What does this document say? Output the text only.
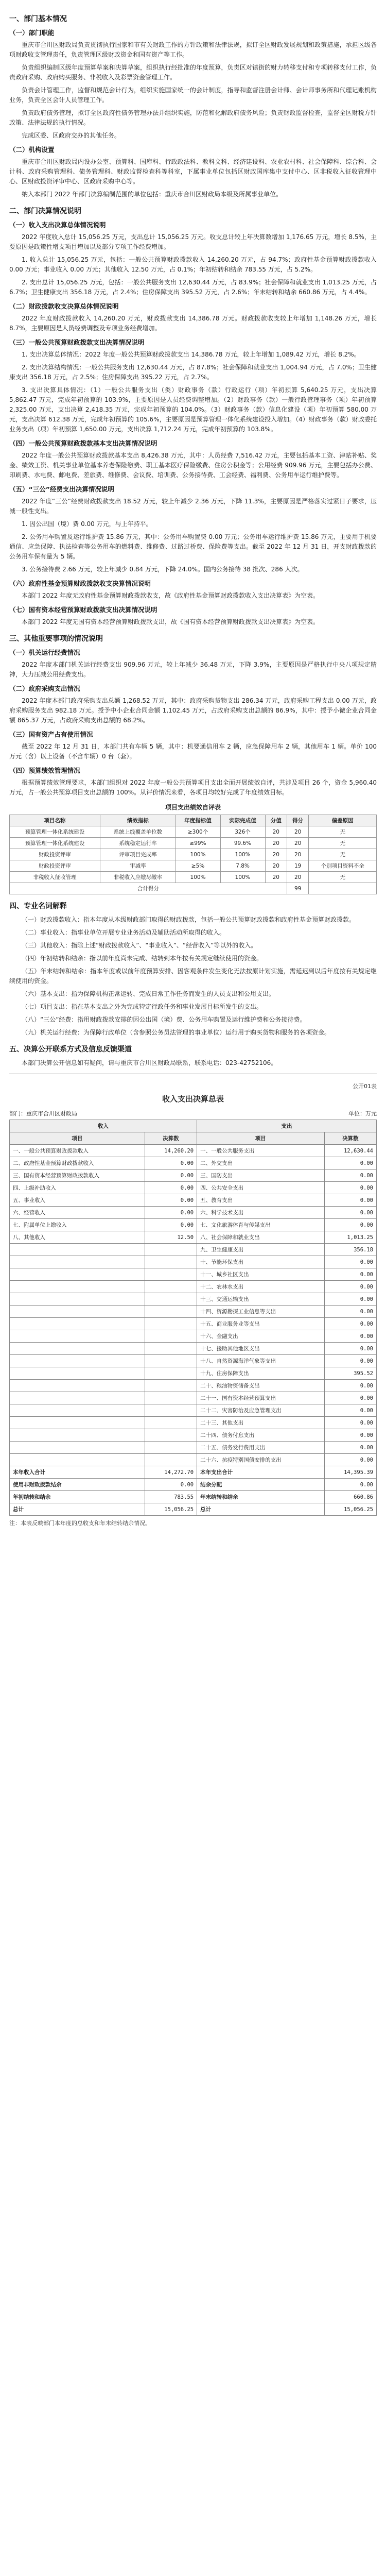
一、部门基本情况
（一）部门职能

重庆市合川区财政局负责贯彻执行国家和市有关财政工作的方针政策和法律法规，拟订全区财政发展规划和政策措施，承担区级各项财政收支管理责任，负责管理区级财政资金和国有资产等工作。

负责组织编制区级年度预算草案和决算草案，组织执行经批准的年度预算，负责区对镇街的财力转移支付和专项转移支付工作，负责政府采购、政府购买服务、非税收入及彩票资金管理工作。

负责会计管理工作，监督和规范会计行为，组织实施国家统一的会计制度，指导和监督注册会计师、会计师事务所和代理记账机构业务，负责全区会计人员管理工作。

负责政府债务管理，拟订全区政府性债务管理办法并组织实施，防范和化解政府债务风险；负责财政监督检查，监督全区财税方针政策、法律法规的执行情况。

完成区委、区政府交办的其他任务。

（二）机构设置

重庆市合川区财政局内设办公室、预算科、国库科、行政政法科、教科文科、经济建设科、农业农村科、社会保障科、综合科、会计科、政府采购管理科、债务管理科、财政监督检查科等科室，下属事业单位包括区财政国库集中支付中心、区非税收入征收管理中心、区财政投资评审中心、区政府采购中心等。

纳入本部门 2022 年部门决算编制范围的单位包括：重庆市合川区财政局本级及所属事业单位。

二、部门决算情况说明
（一）收入支出决算总体情况说明

2022 年度收入总计 15,056.25 万元，支出总计 15,056.25 万元。收支总计较上年决算数增加 1,176.65 万元，增长 8.5%，主要原因是政策性增支项目增加以及部分专项工作经费增加。

1. 收入总计 15,056.25 万元，包括：一般公共预算财政拨款收入 14,260.20 万元，占 94.7%；政府性基金预算财政拨款收入 0.00 万元；事业收入 0.00 万元；其他收入 12.50 万元，占 0.1%；年初结转和结余 783.55 万元，占 5.2%。

2. 支出总计 15,056.25 万元，包括：一般公共服务支出 12,630.44 万元，占 83.9%；社会保障和就业支出 1,013.25 万元，占 6.7%；卫生健康支出 356.18 万元，占 2.4%；住房保障支出 395.52 万元，占 2.6%；年末结转和结余 660.86 万元，占 4.4%。

（二）财政拨款收支决算总体情况说明

2022 年度财政拨款收入 14,260.20 万元，财政拨款支出 14,386.78 万元。财政拨款收支较上年增加 1,148.26 万元，增长 8.7%，主要原因是人员经费调整及专项业务经费增加。

（三）一般公共预算财政拨款支出决算情况说明

1. 支出决算总体情况：2022 年度一般公共预算财政拨款支出 14,386.78 万元，较上年增加 1,089.42 万元，增长 8.2%。

2. 支出决算结构情况：一般公共服务支出 12,630.44 万元，占 87.8%；社会保障和就业支出 1,004.94 万元，占 7.0%；卫生健康支出 356.18 万元，占 2.5%；住房保障支出 395.22 万元，占 2.7%。

3. 支出决算具体情况：（1）一般公共服务支出（类）财政事务（款）行政运行（项）年初预算 5,640.25 万元，支出决算 5,862.47 万元，完成年初预算的 103.9%，主要原因是人员经费调整增加。（2）财政事务（款）一般行政管理事务（项）年初预算 2,325.00 万元，支出决算 2,418.35 万元，完成年初预算的 104.0%。（3）财政事务（款）信息化建设（项）年初预算 580.00 万元，支出决算 612.38 万元，完成年初预算的 105.6%，主要原因是预算管理一体化系统建设投入增加。（4）财政事务（款）财政委托业务支出（项）年初预算 1,650.00 万元，支出决算 1,712.24 万元，完成年初预算的 103.8%。

（四）一般公共预算财政拨款基本支出决算情况说明

2022 年度一般公共预算财政拨款基本支出 8,426.38 万元，其中：人员经费 7,516.42 万元，主要包括基本工资、津贴补贴、奖金、绩效工资、机关事业单位基本养老保险缴费、职工基本医疗保险缴费、住房公积金等；公用经费 909.96 万元，主要包括办公费、印刷费、水电费、邮电费、差旅费、维修费、会议费、培训费、公务接待费、工会经费、福利费、公务用车运行维护费等。

（五）“三公”经费支出决算情况说明

2022 年度“三公”经费财政拨款支出 18.52 万元，较上年减少 2.36 万元，下降 11.3%，主要原因是严格落实过紧日子要求，压减一般性支出。

1. 因公出国（境）费 0.00 万元，与上年持平。

2. 公务用车购置及运行维护费 15.86 万元，其中：公务用车购置费 0.00 万元；公务用车运行维护费 15.86 万元，主要用于机要通信、应急保障、执法检查等公务用车的燃料费、维修费、过路过桥费、保险费等支出。截至 2022 年 12 月 31 日，开支财政拨款的公务用车保有量为 5 辆。

3. 公务接待费 2.66 万元，较上年减少 0.84 万元，下降 24.0%。国内公务接待 38 批次、286 人次。

（六）政府性基金预算财政拨款收支决算情况说明

本部门 2022 年度无政府性基金预算财政拨款收支，故《政府性基金预算财政拨款收入支出决算表》为空表。

（七）国有资本经营预算财政拨款支出决算情况说明

本部门 2022 年度无国有资本经营预算财政拨款支出，故《国有资本经营预算财政拨款支出决算表》为空表。

三、其他重要事项的情况说明
（一）机关运行经费情况

2022 年度本部门机关运行经费支出 909.96 万元，较上年减少 36.48 万元，下降 3.9%，主要原因是严格执行中央八项规定精神，大力压减公用经费支出。

（二）政府采购支出情况

2022 年度本部门政府采购支出总额 1,268.52 万元，其中：政府采购货物支出 286.34 万元，政府采购工程支出 0.00 万元，政府采购服务支出 982.18 万元。授予中小企业合同金额 1,102.45 万元，占政府采购支出总额的 86.9%，其中：授予小微企业合同金额 865.37 万元，占政府采购支出总额的 68.2%。

（三）国有资产占有使用情况

截至 2022 年 12 月 31 日，本部门共有车辆 5 辆，其中：机要通信用车 2 辆，应急保障用车 2 辆，其他用车 1 辆。单价 100 万元（含）以上设备（不含车辆）0 台（套）。

（四）预算绩效管理情况

根据预算绩效管理要求，本部门组织对 2022 年度一般公共预算项目支出全面开展绩效自评，共涉及项目 26 个，资金 5,960.40 万元，占一般公共预算项目支出总额的 100%。从评价情况来看，各项目均较好完成了年度绩效目标。

项目支出绩效自评表
项目名称	绩效指标	年度指标值	实际完成值	分值	得分	偏差原因
预算管理一体化系统建设	系统上线覆盖单位数	≥300个	326个	20	20	无
预算管理一体化系统建设	系统稳定运行率	≥99%	99.6%	20	20	无
财政投资评审	评审项目完成率	100%	100%	20	20	无
财政投资评审	审减率	≥5%	7.8%	20	19	个别项目资料不全
非税收入征收管理	非税收入应缴尽缴率	100%	100%	20	20	无
合计得分					99	
四、专业名词解释

（一）财政拨款收入：指本年度从本级财政部门取得的财政拨款，包括一般公共预算财政拨款和政府性基金预算财政拨款。

（二）事业收入：指事业单位开展专业业务活动及辅助活动所取得的收入。

（三）其他收入：指除上述“财政拨款收入”、“事业收入”、“经营收入”等以外的收入。

（四）年初结转和结余：指以前年度尚未完成、结转到本年按有关规定继续使用的资金。

（五）年末结转和结余：指本年度或以前年度预算安排、因客观条件发生变化无法按原计划实施，需延迟到以后年度按有关规定继续使用的资金。

（六）基本支出：指为保障机构正常运转、完成日常工作任务而发生的人员支出和公用支出。

（七）项目支出：指在基本支出之外为完成特定行政任务和事业发展目标所发生的支出。

（八）“三公”经费：指用财政拨款安排的因公出国（境）费、公务用车购置及运行维护费和公务接待费。

（九）机关运行经费：为保障行政单位（含参照公务员法管理的事业单位）运行用于购买货物和服务的各项资金。

五、决算公开联系方式及信息反馈渠道

本部门决算公开信息如有疑问，请与重庆市合川区财政局联系，联系电话：023-42752106。

公开01表
收入支出决算总表
部门：重庆市合川区财政局	单位：万元
收入		支出	
项目	决算数	项目	决算数
一、一般公共预算财政拨款收入	14,260.20	一、一般公共服务支出	12,630.44
二、政府性基金预算财政拨款收入	0.00	二、外交支出	0.00
三、国有资本经营预算财政拨款收入	0.00	三、国防支出	0.00
四、上级补助收入	0.00	四、公共安全支出	0.00
五、事业收入	0.00	五、教育支出	0.00
六、经营收入	0.00	六、科学技术支出	0.00
七、附属单位上缴收入	0.00	七、文化旅游体育与传媒支出	0.00
八、其他收入	12.50	八、社会保障和就业支出	1,013.25
		九、卫生健康支出	356.18
		十、节能环保支出	0.00
		十一、城乡社区支出	0.00
		十二、农林水支出	0.00
		十三、交通运输支出	0.00
		十四、资源勘探工业信息等支出	0.00
		十五、商业服务业等支出	0.00
		十六、金融支出	0.00
		十七、援助其他地区支出	0.00
		十八、自然资源海洋气象等支出	0.00
		十九、住房保障支出	395.52
		二十、粮油物资储备支出	0.00
		二十一、国有资本经营预算支出	0.00
		二十二、灾害防治及应急管理支出	0.00
		二十三、其他支出	0.00
		二十四、债务付息支出	0.00
		二十五、债务发行费用支出	0.00
		二十六、抗疫特别国债安排的支出	0.00
本年收入合计	14,272.70	本年支出合计	14,395.39
使用非财政拨款结余	0.00	结余分配	0.00
年初结转和结余	783.55	年末结转和结余	660.86
总计	15,056.25	总计	15,056.25
注：本表反映部门本年度的总收支和年末结转结余情况。
